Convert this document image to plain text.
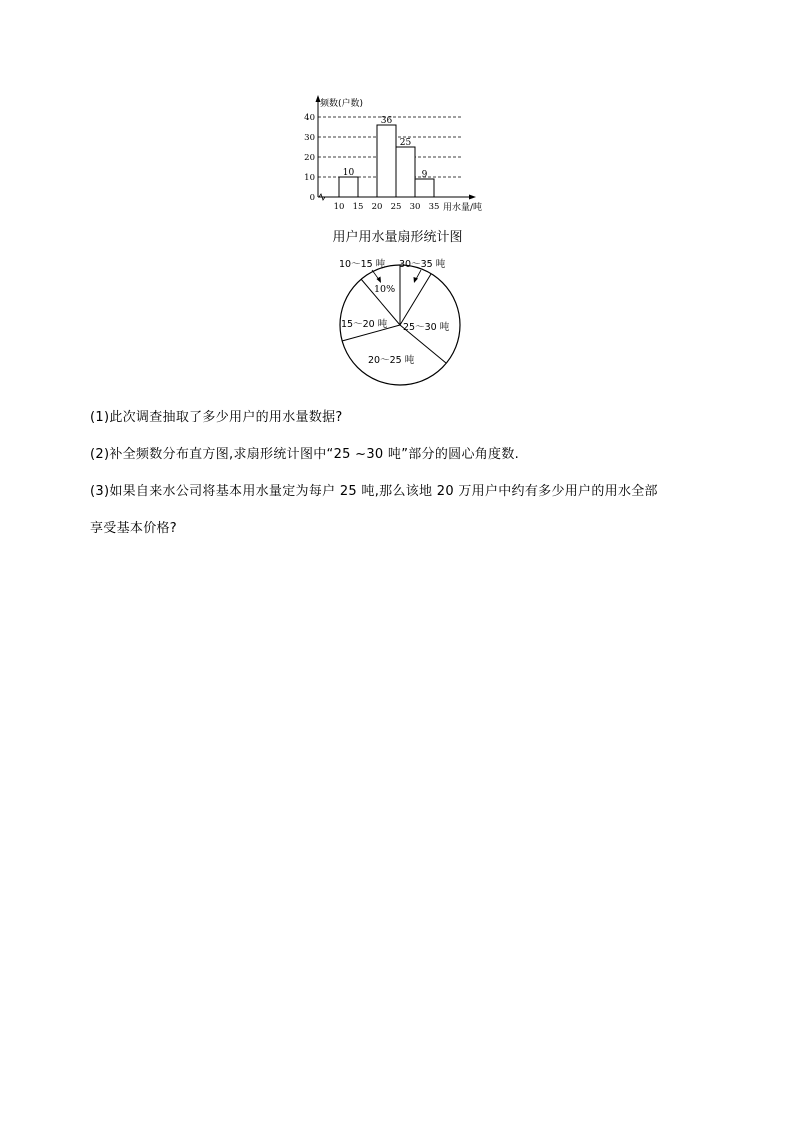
频数(户数)
用水量/吨
0
10
20
30
40
10 15 20 25 30 35
10
36
25
9
用户用水量扇形统计图
10～15 吨
10%
30～35 吨
25～30 吨
20～25 吨
15～20 吨
(1)此次调查抽取了多少用户的用水量数据?
(2)补全频数分布直方图,求扇形统计图中“25 ~30 吨”部分的圆心角度数.
(3)如果自来水公司将基本用水量定为每户 25 吨,那么该地 20 万用户中约有多少用户的用水全部
享受基本价格?
